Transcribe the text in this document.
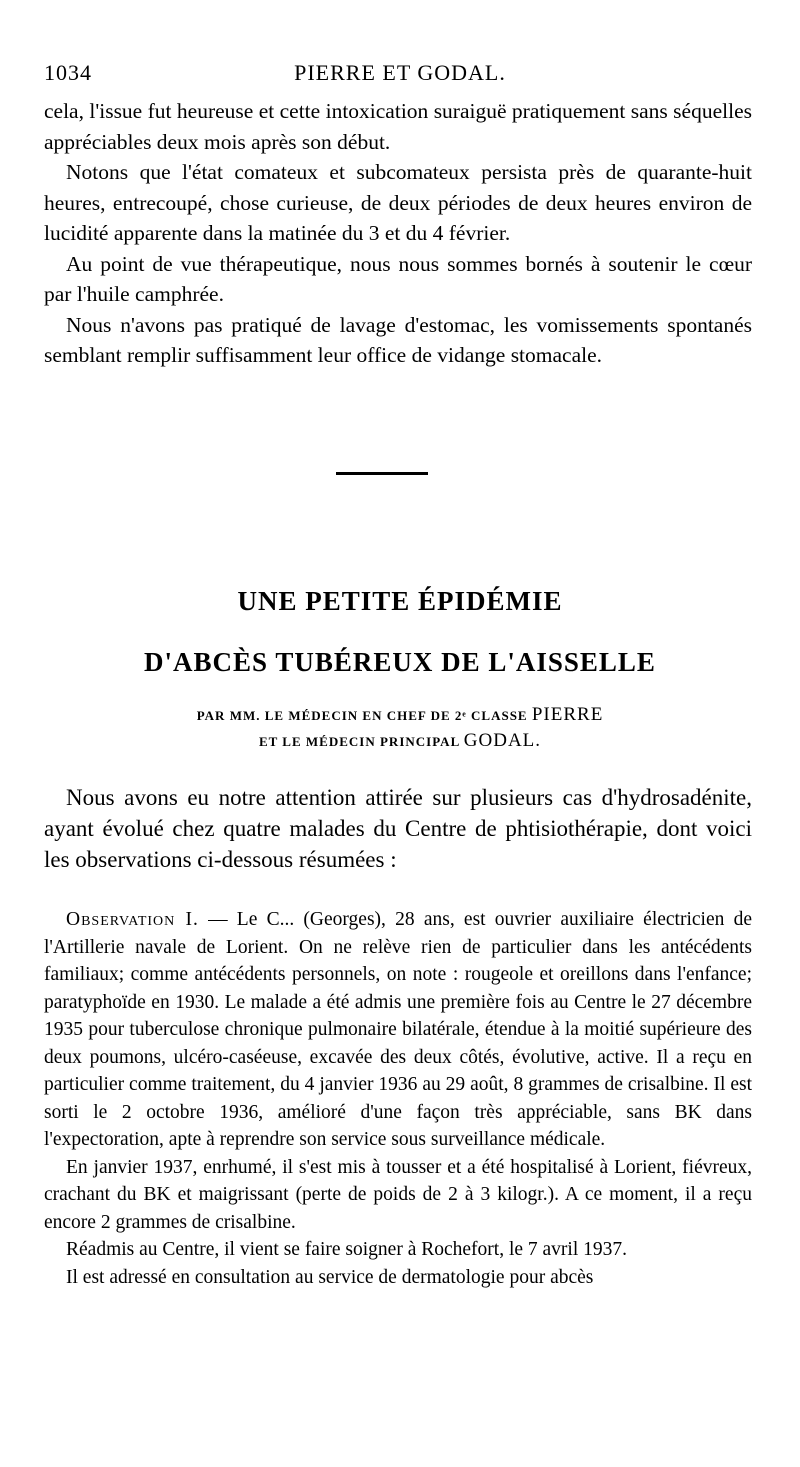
1034	PIERRE ET GODAL.

cela, l'issue fut heureuse et cette intoxication suraiguë pratiquement sans séquelles appréciables deux mois après son début.

Notons que l'état comateux et subcomateux persista près de quarante-huit heures, entrecoupé, chose curieuse, de deux périodes de deux heures environ de lucidité apparente dans la matinée du 3 et du 4 février.

Au point de vue thérapeutique, nous nous sommes bornés à soutenir le cœur par l'huile camphrée.

Nous n'avons pas pratiqué de lavage d'estomac, les vomissements spontanés semblant remplir suffisamment leur office de vidange stomacale.

UNE PETITE ÉPIDÉMIE
D'ABCÈS TUBÉREUX DE L'AISSELLE
PAR MM. LE MÉDECIN EN CHEF DE 2ᵉ CLASSE PIERRE
ET LE MÉDECIN PRINCIPAL GODAL.

Nous avons eu notre attention attirée sur plusieurs cas d'hydrosadénite, ayant évolué chez quatre malades du Centre de phtisiothérapie, dont voici les observations ci-dessous résumées :

Observation I. — Le C... (Georges), 28 ans, est ouvrier auxiliaire électricien de l'Artillerie navale de Lorient. On ne relève rien de particulier dans les antécédents familiaux; comme antécédents personnels, on note : rougeole et oreillons dans l'enfance; paratyphoïde en 1930. Le malade a été admis une première fois au Centre le 27 décembre 1935 pour tuberculose chronique pulmonaire bilatérale, étendue à la moitié supérieure des deux poumons, ulcéro-caséeuse, excavée des deux côtés, évolutive, active. Il a reçu en particulier comme traitement, du 4 janvier 1936 au 29 août, 8 grammes de crisalbine. Il est sorti le 2 octobre 1936, amélioré d'une façon très appréciable, sans BK dans l'expectoration, apte à reprendre son service sous surveillance médicale.

En janvier 1937, enrhumé, il s'est mis à tousser et a été hospitalisé à Lorient, fiévreux, crachant du BK et maigrissant (perte de poids de 2 à 3 kilogr.). A ce moment, il a reçu encore 2 grammes de crisalbine.

Réadmis au Centre, il vient se faire soigner à Rochefort, le 7 avril 1937.

Il est adressé en consultation au service de dermatologie pour abcès
